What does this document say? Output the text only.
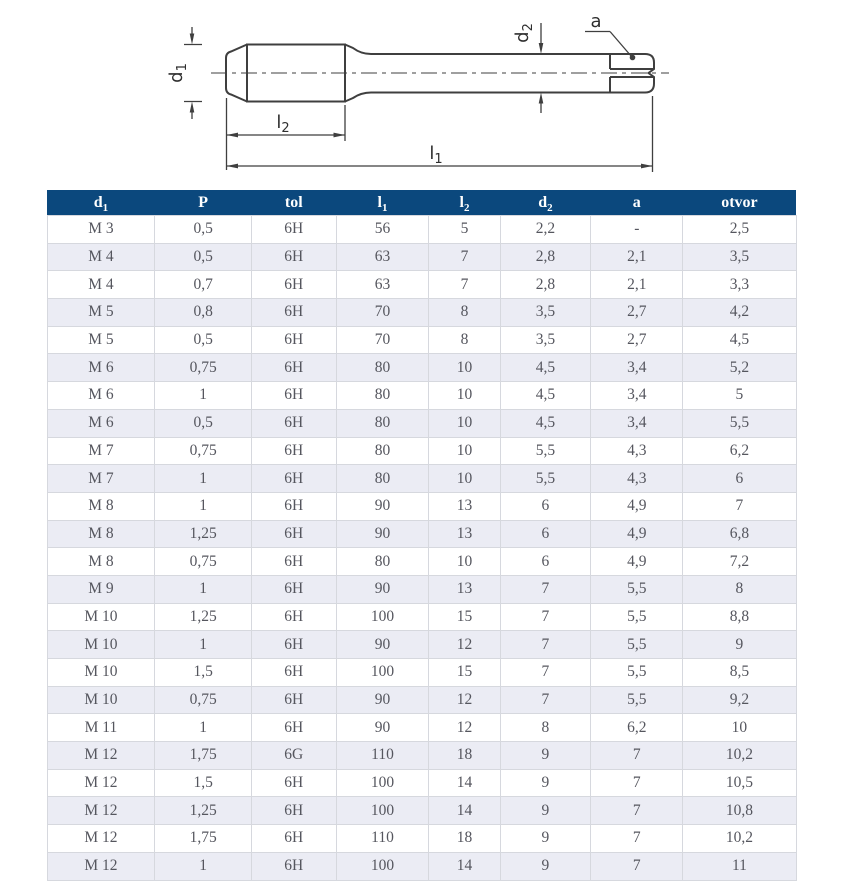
$d_1$
$d_2$	a
$l_2$
$l_1$
$d_1$	P	tol	$l_1$	$l_2$	$d_2$	a	otvor
M 3	0,5	6H	56	5	2,2	-	2,5
M 4	0,5	6H	63	7	2,8	2,1	3,5
M 4	0,7	6H	63	7	2,8	2,1	3,3
M 5	0,8	6H	70	8	3,5	2,7	4,2
M 5	0,5	6H	70	8	3,5	2,7	4,5
M 6	0,75	6H	80	10	4,5	3,4	5,2
M 6	1	6H	80	10	4,5	3,4	5
M 6	0,5	6H	80	10	4,5	3,4	5,5
M 7	0,75	6H	80	10	5,5	4,3	6,2
M 7	1	6H	80	10	5,5	4,3	6
M 8	1	6H	90	13	6	4,9	7
M 8	1,25	6H	90	13	6	4,9	6,8
M 8	0,75	6H	80	10	6	4,9	7,2
M 9	1	6H	90	13	7	5,5	8
M 10	1,25	6H	100	15	7	5,5	8,8
M 10	1	6H	90	12	7	5,5	9
M 10	1,5	6H	100	15	7	5,5	8,5
M 10	0,75	6H	90	12	7	5,5	9,2
M 11	1	6H	90	12	8	6,2	10
M 12	1,75	6G	110	18	9	7	10,2
M 12	1,5	6H	100	14	9	7	10,5
M 12	1,25	6H	100	14	9	7	10,8
M 12	1,75	6H	110	18	9	7	10,2
M 12	1	6H	100	14	9	7	11
